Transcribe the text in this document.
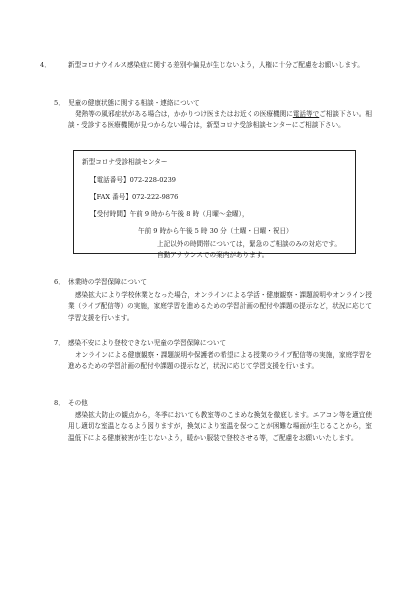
4．	新型コロナウイルス感染症に関する差別や偏見が生じないよう，人権に十分ご配慮をお願いします。

5． 児童の健康状態に関する相談・連絡について

発熱等の風邪症状がある場合は，かかりつけ医またはお近くの医療機関に電話等でご相談下さい。相談・受診する医療機関が見つからない場合は，新型コロナ受診相談センターにご相談下さい。

新型コロナ受診相談センター
【電話番号】072-228-0239
【FAX 番号】072-222-9876
【受付時間】午前 9 時から午後 8 時（月曜～金曜），
午前 9 時から午後 5 時 30 分（土曜・日曜・祝日）
上記以外の時間帯については，緊急のご相談のみの対応です。
自動アナウンスでの案内があります。
6． 休業時の学習保障について

感染拡大により学校休業となった場合，オンラインによる学活・健康観察・課題説明やオンライン授業（ライブ配信等）の実施，家庭学習を進めるための学習計画の配付や課題の提示など，状況に応じて学習支援を行います。

7． 感染不安により登校できない児童の学習保障について

オンラインによる健康観察・課題説明や保護者の希望による授業のライブ配信等の実施，家庭学習を進めるための学習計画の配付や課題の提示など，状況に応じて学習支援を行います。

8． その他

感染拡大防止の観点から，冬季においても教室等のこまめな換気を徹底します。エアコン等を適宜使用し適切な室温となるよう図りますが，換気により室温を保つことが困難な場面が生じることから，室温低下による健康被害が生じないよう，暖かい服装で登校させる等，ご配慮をお願いいたします。
